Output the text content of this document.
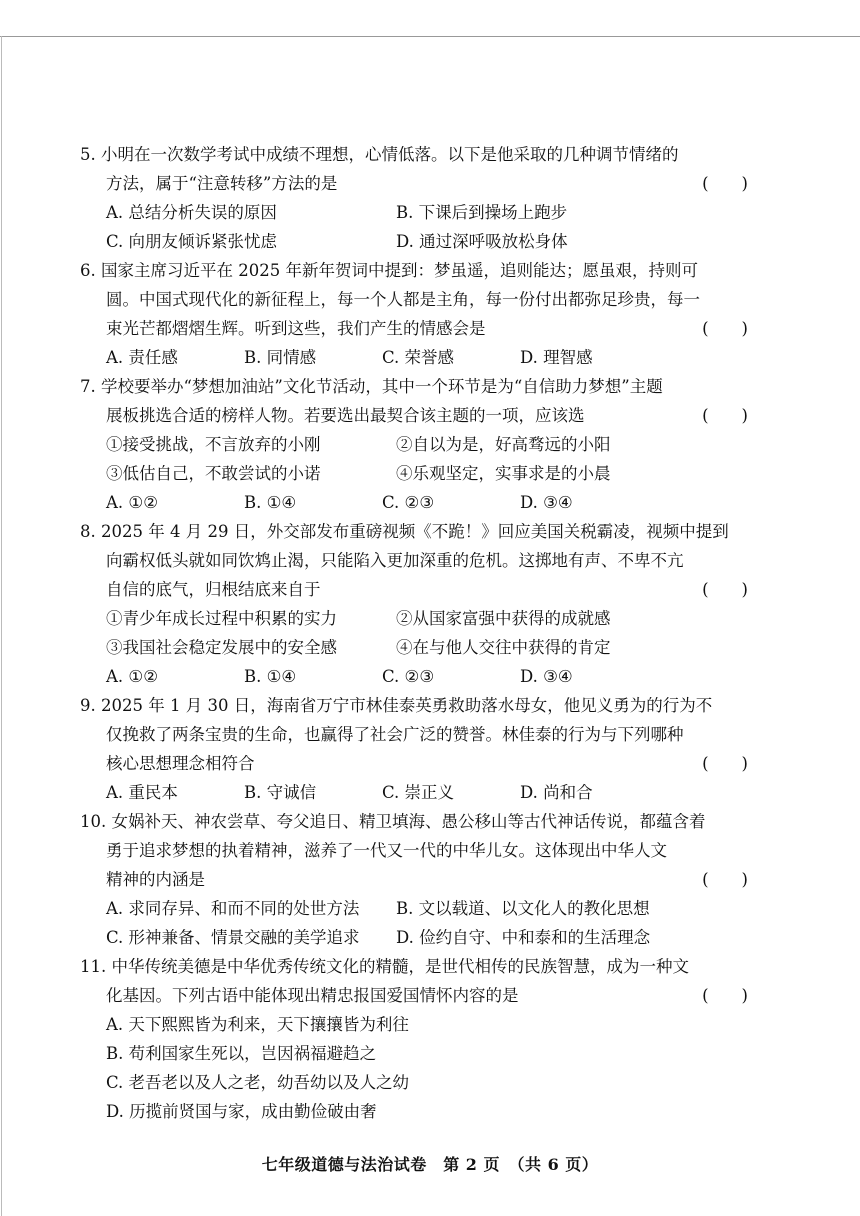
5. 小明在一次数学考试中成绩不理想，心情低落。以下是他采取的几种调节情绪的
方法，属于“注意转移”方法的是	(　　)
A. 总结分析失误的原因	B. 下课后到操场上跑步
C. 向朋友倾诉紧张忧虑	D. 通过深呼吸放松身体
6. 国家主席习近平在 2025 年新年贺词中提到：梦虽遥，追则能达；愿虽艰，持则可
圆。中国式现代化的新征程上，每一个人都是主角，每一份付出都弥足珍贵，每一
束光芒都熠熠生辉。听到这些，我们产生的情感会是	(　　)
A. 责任感	B. 同情感	C. 荣誉感	D. 理智感
7. 学校要举办“梦想加油站”文化节活动，其中一个环节是为“自信助力梦想”主题
展板挑选合适的榜样人物。若要选出最契合该主题的一项，应该选	(　　)
①接受挑战，不言放弃的小刚	②自以为是，好高骛远的小阳
③低估自己，不敢尝试的小诺	④乐观坚定，实事求是的小晨
A. ①②	B. ①④	C. ②③	D. ③④
8. 2025 年 4 月 29 日，外交部发布重磅视频《不跪！》回应美国关税霸凌，视频中提到
向霸权低头就如同饮鸩止渴，只能陷入更加深重的危机。这掷地有声、不卑不亢
自信的底气，归根结底来自于	(　　)
①青少年成长过程中积累的实力	②从国家富强中获得的成就感
③我国社会稳定发展中的安全感	④在与他人交往中获得的肯定
A. ①②	B. ①④	C. ②③	D. ③④
9. 2025 年 1 月 30 日，海南省万宁市林佳泰英勇救助落水母女，他见义勇为的行为不
仅挽救了两条宝贵的生命，也赢得了社会广泛的赞誉。林佳泰的行为与下列哪种
核心思想理念相符合	(　　)
A. 重民本	B. 守诚信	C. 崇正义	D. 尚和合
10. 女娲补天、神农尝草、夸父追日、精卫填海、愚公移山等古代神话传说，都蕴含着
勇于追求梦想的执着精神，滋养了一代又一代的中华儿女。这体现出中华人文
精神的内涵是	(　　)
A. 求同存异、和而不同的处世方法	B. 文以载道、以文化人的教化思想
C. 形神兼备、情景交融的美学追求	D. 俭约自守、中和泰和的生活理念
11. 中华传统美德是中华优秀传统文化的精髓，是世代相传的民族智慧，成为一种文
化基因。下列古语中能体现出精忠报国爱国情怀内容的是	(　　)
A. 天下熙熙皆为利来，天下攘攘皆为利往
B. 苟利国家生死以，岂因祸福避趋之
C. 老吾老以及人之老，幼吾幼以及人之幼
D. 历揽前贤国与家，成由勤俭破由奢
七年级道德与法治试卷　第 2 页　（共 6 页）
